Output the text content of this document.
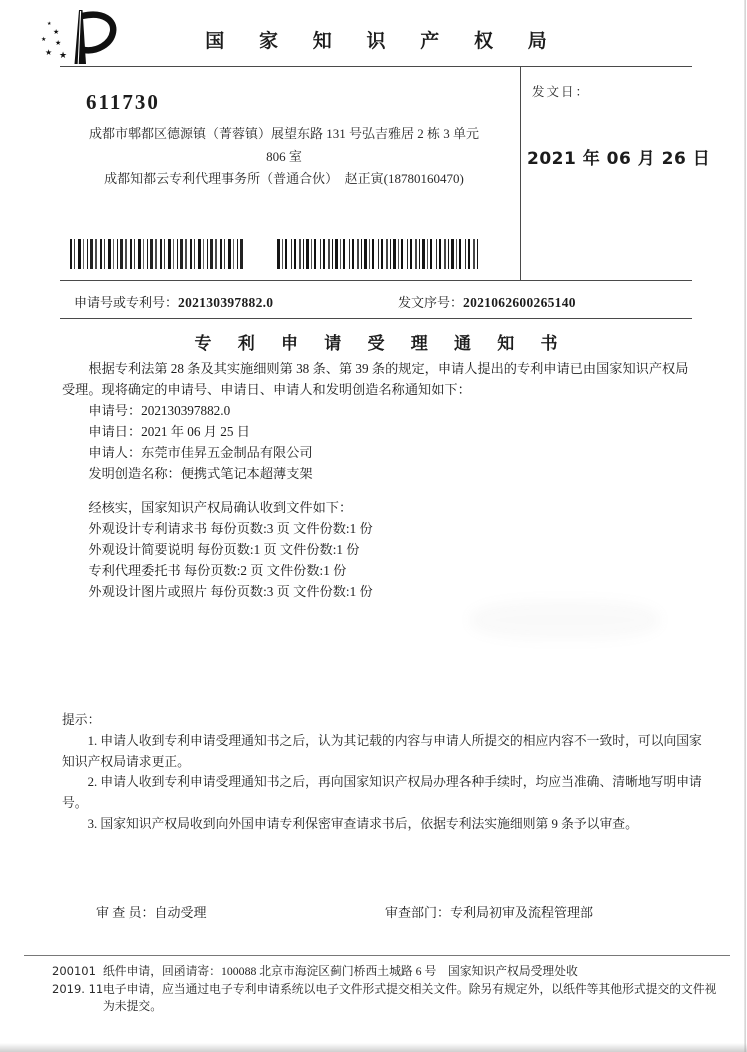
★
★
★ ★
★ ★
国 家 知 识 产 权 局
611730
成都市郫都区德源镇（菁蓉镇）展望东路 131 号弘吉雅居 2 栋 3 单元
806 室
成都知都云专利代理事务所（普通合伙）　赵正寅(18780160470)
发文日：
2021 年 06 月 26 日
申请号或专利号：202130397882.0	发文序号：2021062600265140
专 利 申 请 受 理 通 知 书

根据专利法第 28 条及其实施细则第 38 条、第 39 条的规定，申请人提出的专利申请已由国家知识产权局受理。现将确定的申请号、申请日、申请人和发明创造名称通知如下：

申请号：202130397882.0
申请日：2021 年 06 月 25 日
申请人：东莞市佳昇五金制品有限公司
发明创造名称：便携式笔记本超薄支架
经核实，国家知识产权局确认收到文件如下：
外观设计专利请求书 每份页数:3 页 文件份数:1 份
外观设计简要说明 每份页数:1 页 文件份数:1 份
专利代理委托书 每份页数:2 页 文件份数:1 份
外观设计图片或照片 每份页数:3 页 文件份数:1 份
提示：

1. 申请人收到专利申请受理通知书之后，认为其记载的内容与申请人所提交的相应内容不一致时，可以向国家知识产权局请求更正。

2. 申请人收到专利申请受理通知书之后，再向国家知识产权局办理各种手续时，均应当准确、清晰地写明申请号。

3. 国家知识产权局收到向外国申请专利保密审查请求书后，依据专利法实施细则第 9 条予以审查。

审 查 员：自动受理	审查部门：专利局初审及流程管理部
200101
2019. 11

纸件申请，回函请寄：100088 北京市海淀区蓟门桥西土城路 6 号　国家知识产权局受理处收

电子申请，应当通过电子专利申请系统以电子文件形式提交相关文件。除另有规定外，以纸件等其他形式提交的文件视为未提交。
